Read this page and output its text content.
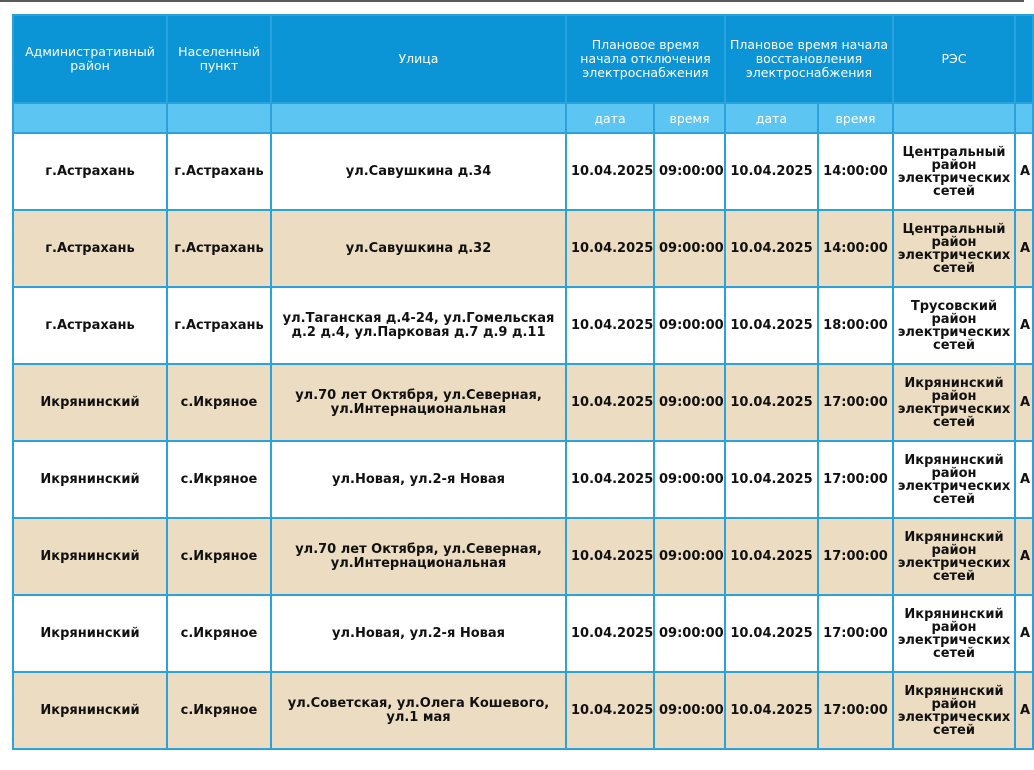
Административный район	Населенный пункт	Улица	Плановое время начала отключения электроснабжения		Плановое время начала восстановления электроснабжения		РЭС	
			дата	время	дата	время		
г.Астрахань	г.Астрахань	ул.Савушкина д.34	10.04.2025	09:00:00	10.04.2025	14:00:00	Центральный район электрических сетей	А
г.Астрахань	г.Астрахань	ул.Савушкина д.32	10.04.2025	09:00:00	10.04.2025	14:00:00	Центральный район электрических сетей	А
г.Астрахань	г.Астрахань	ул.Таганская д.4-24, ул.Гомельская д.2 д.4, ул.Парковая д.7 д.9 д.11	10.04.2025	09:00:00	10.04.2025	18:00:00	Трусовский район электрических сетей	А
Икрянинский	с.Икряное	ул.70 лет Октября, ул.Северная, ул.Интернациональная	10.04.2025	09:00:00	10.04.2025	17:00:00	Икрянинский район электрических сетей	А
Икрянинский	с.Икряное	ул.Новая, ул.2-я Новая	10.04.2025	09:00:00	10.04.2025	17:00:00	Икрянинский район электрических сетей	А
Икрянинский	с.Икряное	ул.70 лет Октября, ул.Северная, ул.Интернациональная	10.04.2025	09:00:00	10.04.2025	17:00:00	Икрянинский район электрических сетей	А
Икрянинский	с.Икряное	ул.Новая, ул.2-я Новая	10.04.2025	09:00:00	10.04.2025	17:00:00	Икрянинский район электрических сетей	А
Икрянинский	с.Икряное	ул.Советская, ул.Олега Кошевого, ул.1 мая	10.04.2025	09:00:00	10.04.2025	17:00:00	Икрянинский район электрических сетей	А
